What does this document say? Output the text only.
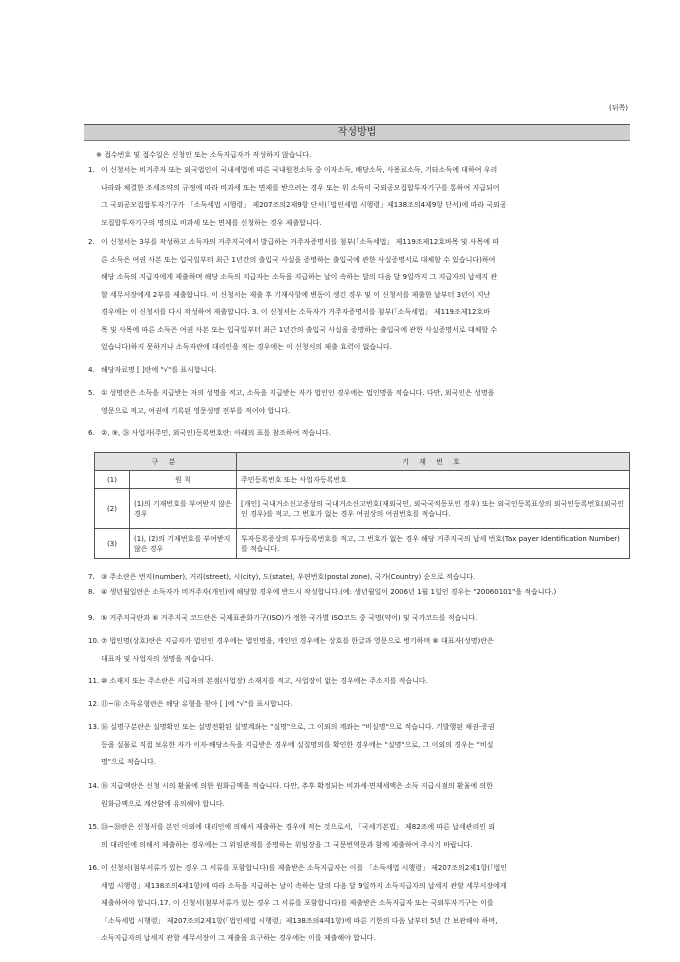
(뒤쪽)
작성방법
※ 접수번호 및 접수일은 신청인 또는 소득지급자가 작성하지 않습니다.
1. 이 신청서는 비거주자 또는 외국법인이 국내세법에 따른 국내원천소득 중 이자소득, 배당소득, 사용료소득, 기타소득에 대하여 우리
나라와 체결한 조세조약의 규정에 따라 비과세 또는 면제를 받으려는 경우 또는 위 소득이 국외공모집합투자기구를 통하여 지급되어
그 국외공모집합투자기구가 「소득세법 시행령」 제207조의2제9항 단서(「법인세법 시행령」제138조의4제9항 단서)에 따라 국외공
모집합투자기구의 명의로 비과세 또는 면제를 신청하는 경우 제출합니다.
2. 이 신청서는 3부를 작성하고 소득자의 거주지국에서 발급하는 거주자증명서를 첨부(「소득세법」 제119조제12호바목 및 사목에 따
른 소득은 여권 사본 또는 입국일부터 최근 1년간의 출입국 사실을 증명하는 출입국에 관한 사실증명서로 대체할 수 있습니다)하여
해당 소득의 지급자에게 제출하며 해당 소득의 지급자는 소득을 지급하는 날이 속하는 달의 다음 달 9일까지 그 지급자의 납세지 관
할 세무서장에게 2부를 제출합니다. 이 신청서는 제출 후 기재사항에 변동이 생긴 경우 및 이 신청서를 제출한 날부터 3년이 지난
경우에는 이 신청서를 다시 작성하여 제출합니다. 3. 이 신청서는 소득자가 거주자증명서를 첨부(「소득세법」 제119조제12호바
목 및 사목에 따른 소득은 여권 사본 또는 입국일부터 최근 1년간의 출입국 사실을 증명하는 출입국에 관한 사실증명서로 대체할 수
있습니다)하지 못하거나 소득자란에 대리인을 적는 경우에는 이 신청서의 제출 효력이 없습니다.
4. 해당자료명 [ ]란에 "√"를 표시합니다.
5. ① 성명란은 소득을 지급받는 자의 성명을 적고, 소득을 지급받는 자가 법인인 경우에는 법인명을 적습니다. 다만, 외국인은 성명을
영문으로 적고, 여권에 기록된 영문성명 전부를 적어야 합니다.
6. ②, ⑨, ㉖ 사업자(주민, 외국인)등록번호란: 아래의 표를 참조하여 적습니다.
구 분		기 재 번 호
(1)	원 칙	주민등록번호 또는 사업자등록번호
(2)	(1)의 기재번호를 부여받지 않은 경우	[개인] 국내거소신고증상의 국내거소신고번호(재외국민, 외국국적동포인 경우) 또는 외국인등록표상의 외국인등록번호(외국인인 경우)를 적고, 그 번호가 없는 경우 여권상의 여권번호를 적습니다.
(3)	(1), (2)의 기재번호를 부여받지 않은 경우	투자등록증상의 투자등록번호를 적고, 그 번호가 없는 경우 해당 거주지국의 납세 번호(Tax payer Identification Number)를 적습니다.
7. ③ 주소란은 번지(number), 거리(street), 시(city), 도(state), 우편번호(postal zone), 국가(Country) 순으로 적습니다.
8. ④ 생년월일란은 소득자가 비거주자(개인)에 해당할 경우에 반드시 작성합니다.(예: 생년월일이 2006년 1월 1일인 경우는 "20060101"을 적습니다.)
9. ⑤ 거주지국란과 ⑥ 거주지국 코드란은 국제표준화기구(ISO)가 정한 국가별 ISO코드 중 국명(약어) 및 국가코드를 적습니다.
10. ⑦ 법인명(상호)란은 지급자가 법인인 경우에는 법인명을, 개인인 경우에는 상호를 한글과 영문으로 병기하며 ⑧ 대표자(성명)란은
대표자 및 사업자의 성명을 적습니다.
11. ⑩ 소재지 또는 주소란은 지급자의 본점(사업장) 소재지를 적고, 사업장이 없는 경우에는 주소지를 적습니다.
12. ⑪~⑭ 소득유형란은 해당 유형을 찾아 [ ]에 "√"를 표시합니다.
13. ⑯ 실명구분란은 실명확인 또는 실명전환된 실명계좌는 "실명"으로, 그 이외의 계좌는 "비실명"으로 적습니다. 기발행된 채권·증권
등을 실물로 직접 보유한 자가 이자·배당소득을 지급받은 경우에 실질명의를 확인한 경우에는 "실명"으로, 그 이외의 경우는 "비실
명"으로 적습니다.
14. ⑱ 지급액란은 신청 시의 환율에 의한 원화금액을 적습니다. 다만, 추후 확정되는 비과세·면제세액은 소득 지급시점의 환율에 의한
원화금액으로 계산함에 유의해야 합니다.
15. ㉔~㉘란은 신청서를 본인 이외에 대리인에 의해서 제출하는 경우에 적는 것으로서, 「국세기본법」 제82조에 따른 납세관리인 외
의 대리인에 의해서 제출하는 경우에는 그 위임관계를 증명하는 위임장을 그 국문번역문과 함께 제출하여 주시기 바랍니다.
16. 이 신청서(첨부서류가 있는 경우 그 서류를 포함합니다)를 제출받은 소득지급자는 이를 「소득세법 시행령」 제207조의2제1항(「법인
세법 시행령」제138조의4제1항)에 따라 소득을 지급하는 날이 속하는 달의 다음 달 9일까지 소득지급자의 납세지 관할 세무서장에게
제출하여야 합니다.17. 이 신청서(첨부서류가 있는 경우 그 서류를 포함합니다)를 제출받은 소득지급자 또는 국외투자기구는 이를
「소득세법 시행령」 제207조의2제1항(「법인세법 시행령」제138조의4제1항)에 따른 기한의 다음 날부터 5년 간 보관해야 하며,
소득지급자의 납세지 관할 세무서장이 그 제출을 요구하는 경우에는 이를 제출해야 합니다.
